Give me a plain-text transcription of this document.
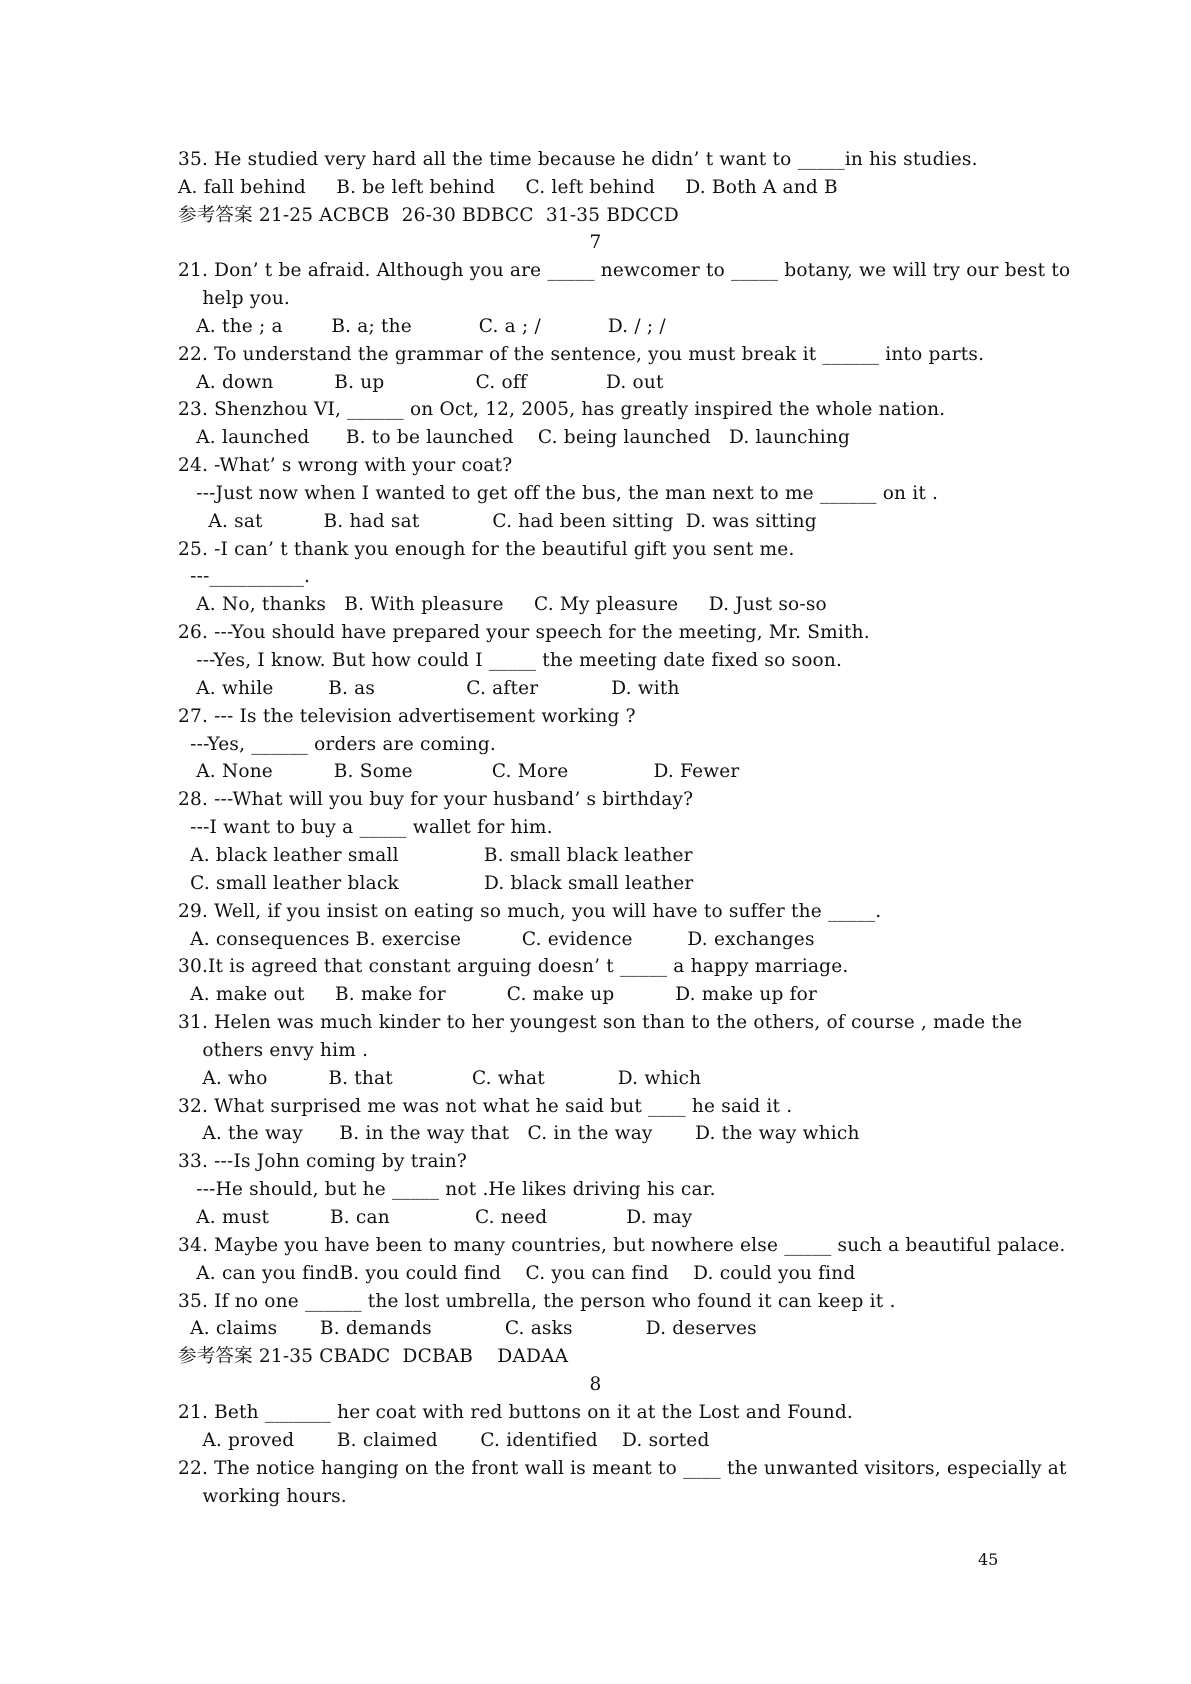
35. He studied very hard all the time because he didn’ t want to _____in his studies.
A. fall behind     B. be left behind     C. left behind     D. Both A and B
参考答案 21-25 ACBCB  26-30 BDBCC  31-35 BDCCD
7
21. Don’ t be afraid. Although you are _____ newcomer to _____ botany, we will try our best to
help you.
A. the ; a        B. a; the           C. a ; /           D. / ; /
22. To understand the grammar of the sentence, you must break it ______ into parts.
A. down          B. up               C. off             D. out
23. Shenzhou VI, ______ on Oct, 12, 2005, has greatly inspired the whole nation.
A. launched      B. to be launched    C. being launched   D. launching
24. -What’ s wrong with your coat?
---Just now when I wanted to get off the bus, the man next to me ______ on it .
A. sat          B. had sat            C. had been sitting  D. was sitting
25. -I can’ t thank you enough for the beautiful gift you sent me.
---__________.
A. No, thanks   B. With pleasure     C. My pleasure     D. Just so-so
26. ---You should have prepared your speech for the meeting, Mr. Smith.
---Yes, I know. But how could I _____ the meeting date fixed so soon.
A. while         B. as               C. after            D. with
27. --- Is the television advertisement working ?
---Yes, ______ orders are coming.
A. None          B. Some             C. More              D. Fewer
28. ---What will you buy for your husband’ s birthday?
---I want to buy a _____ wallet for him.
A. black leather small              B. small black leather
C. small leather black              D. black small leather
29. Well, if you insist on eating so much, you will have to suffer the _____.
A. consequences B. exercise          C. evidence         D. exchanges
30.It is agreed that constant arguing doesn’ t _____ a happy marriage.
A. make out     B. make for          C. make up          D. make up for
31. Helen was much kinder to her youngest son than to the others, of course , made the
others envy him .
A. who          B. that             C. what            D. which
32. What surprised me was not what he said but ____ he said it .
A. the way      B. in the way that   C. in the way       D. the way which
33. ---Is John coming by train?
---He should, but he _____ not .He likes driving his car.
A. must          B. can              C. need             D. may
34. Maybe you have been to many countries, but nowhere else _____ such a beautiful palace.
A. can you findB. you could find    C. you can find    D. could you find
35. If no one ______ the lost umbrella, the person who found it can keep it .
A. claims       B. demands            C. asks            D. deserves
参考答案 21-35 CBADC  DCBAB    DADAA
8
21. Beth _______ her coat with red buttons on it at the Lost and Found.
A. proved       B. claimed       C. identified    D. sorted
22. The notice hanging on the front wall is meant to ____ the unwanted visitors, especially at
working hours.
45
